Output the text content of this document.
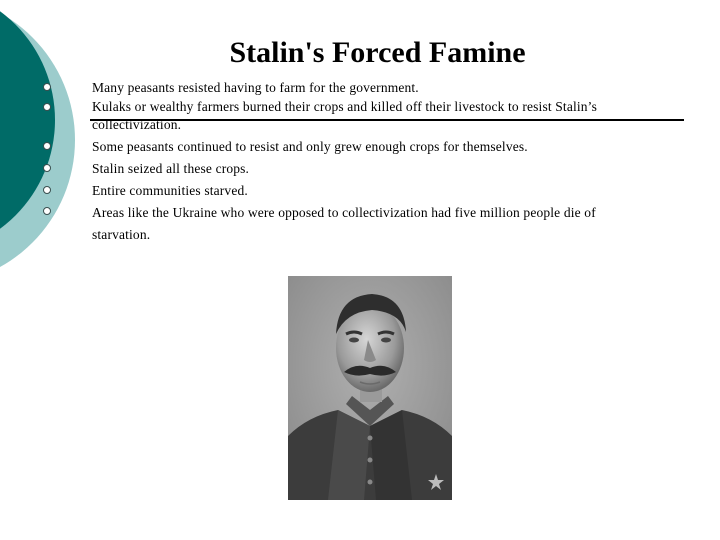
Stalin's Forced Famine
Many peasants resisted having to farm for the government.
Kulaks or wealthy farmers burned their crops and killed off their livestock to resist Stalin’s collectivization.
Some peasants continued to resist and only grew enough crops for themselves.
Stalin seized all these crops.
Entire communities starved.
Areas like the Ukraine who were opposed to collectivization had five million people die of starvation.
